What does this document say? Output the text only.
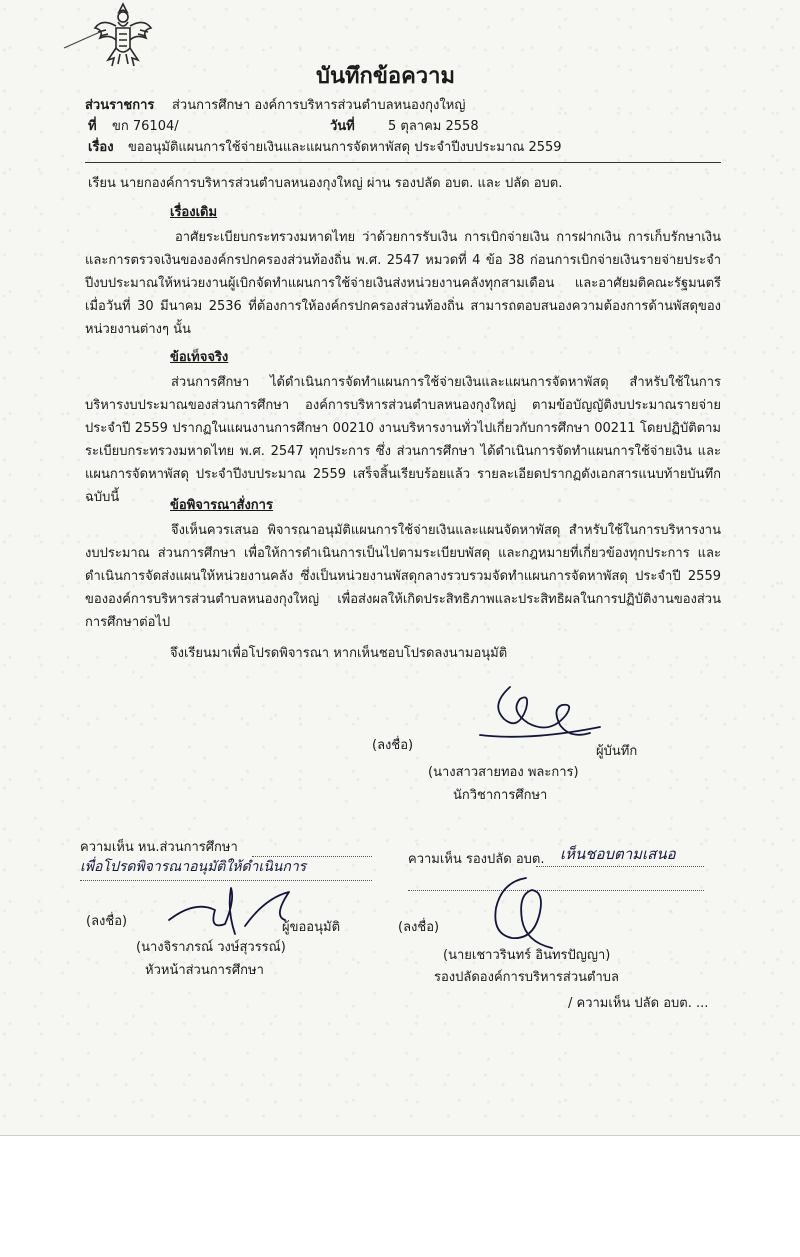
บันทึกข้อความ
ส่วนราชการ ส่วนการศึกษา องค์การบริหารส่วนตำบลหนองกุงใหญ่
ที่ ขก 76104/	วันที่	5 ตุลาคม 2558
เรื่อง ขออนุมัติแผนการใช้จ่ายเงินและแผนการจัดหาพัสดุ ประจำปีงบประมาณ 2559
เรียน นายกองค์การบริหารส่วนตำบลหนองกุงใหญ่ ผ่าน รองปลัด อบต. และ ปลัด อบต.
เรื่องเดิม
อาศัยระเบียบกระทรวงมหาดไทย ว่าด้วยการรับเงิน การเบิกจ่ายเงิน การฝากเงิน การเก็บรักษาเงินและการตรวจเงินขององค์กรปกครองส่วนท้องถิ่น พ.ศ. 2547 หมวดที่ 4 ข้อ 38 ก่อนการเบิกจ่ายเงินรายจ่ายประจำปีงบประมาณให้หน่วยงานผู้เบิกจัดทำแผนการใช้จ่ายเงินส่งหน่วยงานคลังทุกสามเดือน และอาศัยมติคณะรัฐมนตรีเมื่อวันที่ 30 มีนาคม 2536 ที่ต้องการให้องค์กรปกครองส่วนท้องถิ่น สามารถตอบสนองความต้องการด้านพัสดุของหน่วยงานต่างๆ นั้น
ข้อเท็จจริง
ส่วนการศึกษา ได้ดำเนินการจัดทำแผนการใช้จ่ายเงินและแผนการจัดหาพัสดุ สำหรับใช้ในการบริหารงบประมาณของส่วนการศึกษา องค์การบริหารส่วนตำบลหนองกุงใหญ่ ตามข้อบัญญัติงบประมาณรายจ่ายประจำปี 2559 ปรากฏในแผนงานการศึกษา 00210 งานบริหารงานทั่วไปเกี่ยวกับการศึกษา 00211 โดยปฏิบัติตามระเบียบกระทรวงมหาดไทย พ.ศ. 2547 ทุกประการ ซึ่ง ส่วนการศึกษา ได้ดำเนินการจัดทำแผนการใช้จ่ายเงิน และแผนการจัดหาพัสดุ ประจำปีงบประมาณ 2559 เสร็จสิ้นเรียบร้อยแล้ว รายละเอียดปรากฏดังเอกสารแนบท้ายบันทึกฉบับนี้
ข้อพิจารณาสั่งการ
จึงเห็นควรเสนอ พิจารณาอนุมัติแผนการใช้จ่ายเงินและแผนจัดหาพัสดุ สำหรับใช้ในการบริหารงานงบประมาณ ส่วนการศึกษา เพื่อให้การดำเนินการเป็นไปตามระเบียบพัสดุ และกฎหมายที่เกี่ยวข้องทุกประการ และดำเนินการจัดส่งแผนให้หน่วยงานคลัง ซึ่งเป็นหน่วยงานพัสดุกลางรวบรวมจัดทำแผนการจัดหาพัสดุ ประจำปี 2559 ขององค์การบริหารส่วนตำบลหนองกุงใหญ่ เพื่อส่งผลให้เกิดประสิทธิภาพและประสิทธิผลในการปฏิบัติงานของส่วนการศึกษาต่อไป
จึงเรียนมาเพื่อโปรดพิจารณา หากเห็นชอบโปรดลงนามอนุมัติ
(ลงชื่อ)	ผู้บันทึก
(นางสาวสายทอง พละการ)
นักวิชาการศึกษา
ความเห็น หน.ส่วนการศึกษา
เพื่อโปรดพิจารณาอนุมัติให้ดำเนินการ
(ลงชื่อ)	ผู้ขออนุมัติ
(นางจิราภรณ์ วงษ์สุวรรณ์)
หัวหน้าส่วนการศึกษา
ความเห็น รองปลัด อบต. เห็นชอบตามเสนอ
(ลงชื่อ)
(นายเชาวรินทร์ อินทรปัญญา)
รองปลัดองค์การบริหารส่วนตำบล
/ ความเห็น ปลัด อบต. ...
